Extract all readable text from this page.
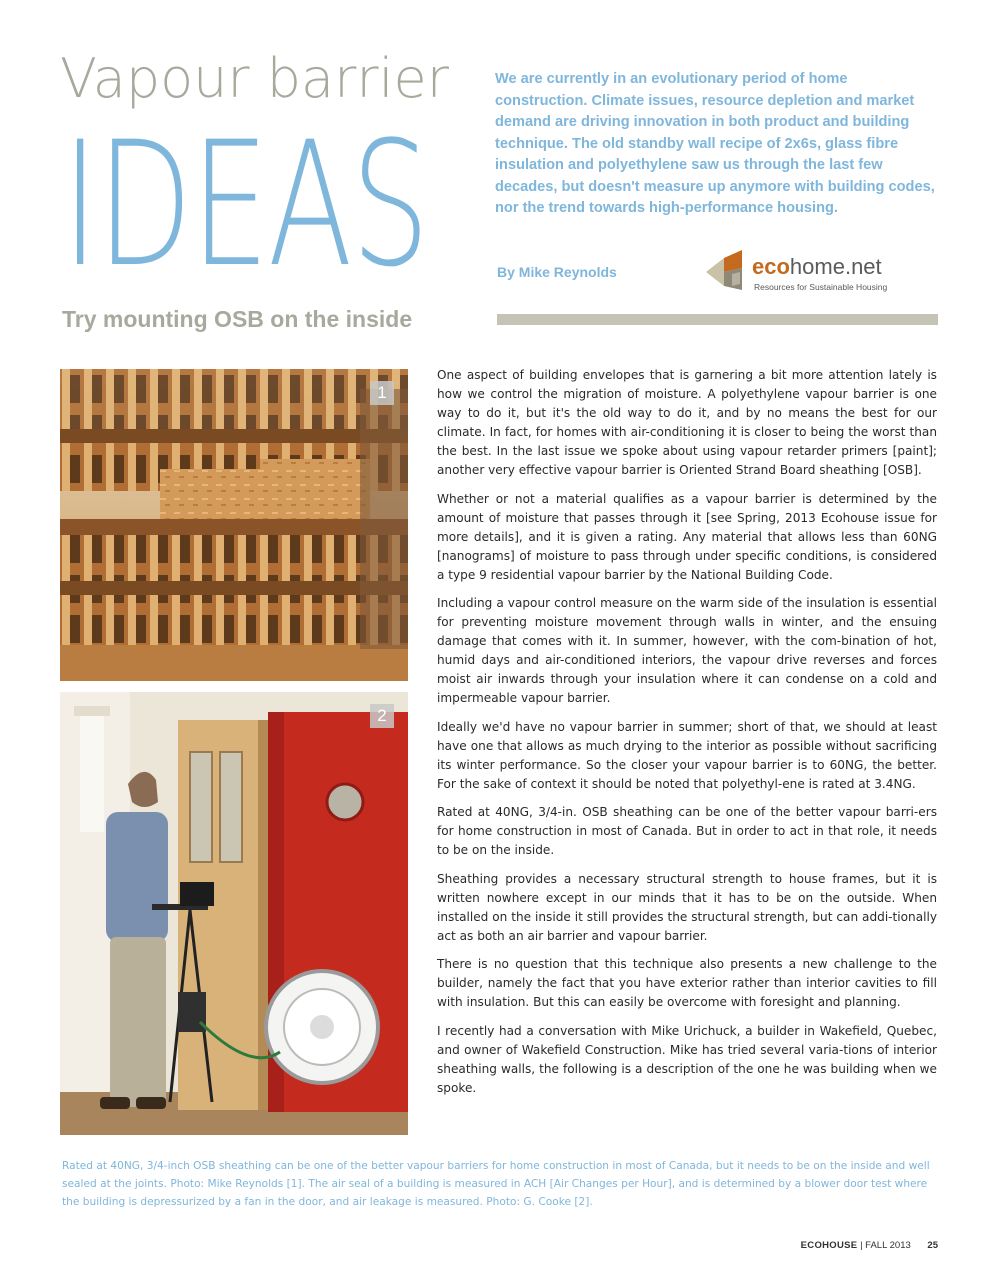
Vapour barrier
IDEAS
Try mounting OSB on the inside
We are currently in an evolutionary period of home construction. Climate issues, resource depletion and market demand are driving innovation in both product and building technique. The old standby wall recipe of 2x6s, glass fibre insulation and polyethylene saw us through the last few decades, but doesn't measure up anymore with building codes, nor the trend towards high-performance housing.
By Mike Reynolds	ecohome.net
Resources for Sustainable Housing
1
2

One aspect of building envelopes that is garnering a bit more attention lately is how we control the migration of moisture. A polyethylene vapour barrier is one way to do it, but it's the old way to do it, and by no means the best for our climate. In fact, for homes with air-conditioning it is closer to being the worst than the best. In the last issue we spoke about using vapour retarder primers [paint]; another very effective vapour barrier is Oriented Strand Board sheathing [OSB].

Whether or not a material qualifies as a vapour barrier is determined by the amount of moisture that passes through it [see Spring, 2013 Ecohouse issue for more details], and it is given a rating. Any material that allows less than 60NG [nanograms] of moisture to pass through under specific conditions, is considered a type 9 residential vapour barrier by the National Building Code.

Including a vapour control measure on the warm side of the insulation is essential for preventing moisture movement through walls in winter, and the ensuing damage that comes with it. In summer, however, with the com-bination of hot, humid days and air-conditioned interiors, the vapour drive reverses and forces moist air inwards through your insulation where it can condense on a cold and impermeable vapour barrier.

Ideally we'd have no vapour barrier in summer; short of that, we should at least have one that allows as much drying to the interior as possible without sacrificing its winter performance. So the closer your vapour barrier is to 60NG, the better. For the sake of context it should be noted that polyethyl-ene is rated at 3.4NG.

Rated at 40NG, 3/4-in. OSB sheathing can be one of the better vapour barri-ers for home construction in most of Canada. But in order to act in that role, it needs to be on the inside.

Sheathing provides a necessary structural strength to house frames, but it is written nowhere except in our minds that it has to be on the outside. When installed on the inside it still provides the structural strength, but can addi-tionally act as both an air barrier and vapour barrier.

There is no question that this technique also presents a new challenge to the builder, namely the fact that you have exterior rather than interior cavities to fill with insulation. But this can easily be overcome with foresight and planning.

I recently had a conversation with Mike Urichuck, a builder in Wakefield, Quebec, and owner of Wakefield Construction. Mike has tried several varia-tions of interior sheathing walls, the following is a description of the one he was building when we spoke.

Rated at 40NG, 3/4-inch OSB sheathing can be one of the better vapour barriers for home construction in most of Canada, but it needs to be on the inside and well sealed at the joints. Photo: Mike Reynolds [1]. The air seal of a building is measured in ACH [Air Changes per Hour], and is determined by a blower door test where the building is depressurized by a fan in the door, and air leakage is measured. Photo: G. Cooke [2].
ECOHOUSE | FALL 2013 25
